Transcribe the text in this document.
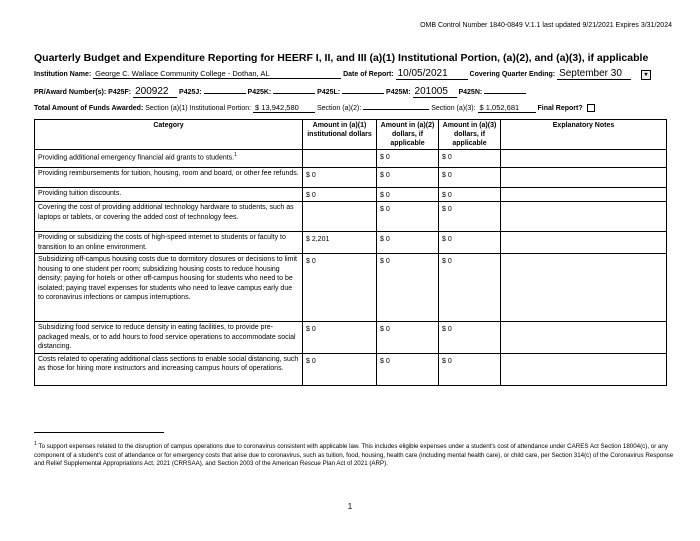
OMB Control Number 1840-0849 V.1.1 last updated 9/21/2021 Expires 3/31/2024
Quarterly Budget and Expenditure Reporting for HEERF I, II, and III (a)(1) Institutional Portion, (a)(2), and (a)(3), if applicable
Institution Name: George C. Wallace Community College - Dothan, AL	Date of Report: 10/05/2021	Covering Quarter Ending: September 30	▾
PR/Award Number(s): P425F: 200922 P425J:	P425K:	P425L:	P425M: 201005 P425N:
Total Amount of Funds Awarded: Section (a)(1) Institutional Portion: $ 13,942,580	Section (a)(2):	Section (a)(3): $ 1,052,681	Final Report?
Category	Amount in (a)(1) institutional dollars	Amount in (a)(2) dollars, if applicable	Amount in (a)(3) dollars, if applicable	Explanatory Notes
Providing additional emergency financial aid grants to students.$^1$		$ 0	$ 0	
Providing reimbursements for tuition, housing, room and board, or other fee refunds.	$ 0	$ 0	$ 0	
Providing tuition discounts.	$ 0	$ 0	$ 0	
Covering the cost of providing additional technology hardware to students, such as laptops or tablets, or covering the added cost of technology fees.		$ 0	$ 0	
Providing or subsidizing the costs of high-speed internet to students or faculty to transition to an online environment.	$ 2,201	$ 0	$ 0	
Subsidizing off-campus housing costs due to dormitory closures or decisions to limit housing to one student per room; subsidizing housing costs to reduce housing density; paying for hotels or other off-campus housing for students who need to be isolated; paying travel expenses for students who need to leave campus early due to coronavirus infections or campus interruptions.	$ 0	$ 0	$ 0	
Subsidizing food service to reduce density in eating facilities, to provide pre-packaged meals, or to add hours to food service operations to accommodate social distancing.	$ 0	$ 0	$ 0	
Costs related to operating additional class sections to enable social distancing, such as those for hiring more instructors and increasing campus hours of operations.	$ 0	$ 0	$ 0	
$^1$ To support expenses related to the disruption of campus operations due to coronavirus consistent with applicable law. This includes eligible expenses under a student's cost of attendance under CARES Act Section 18004(c), or any component of a student's cost of attendance or for emergency costs that arise due to coronavirus, such as tuition, food, housing, health care (including mental health care), or child care, per Section 314(c) of the Coronavirus Response and Relief Supplemental Appropriations Act, 2021 (CRRSAA), and Section 2003 of the American Rescue Plan Act of 2021 (ARP).
1
